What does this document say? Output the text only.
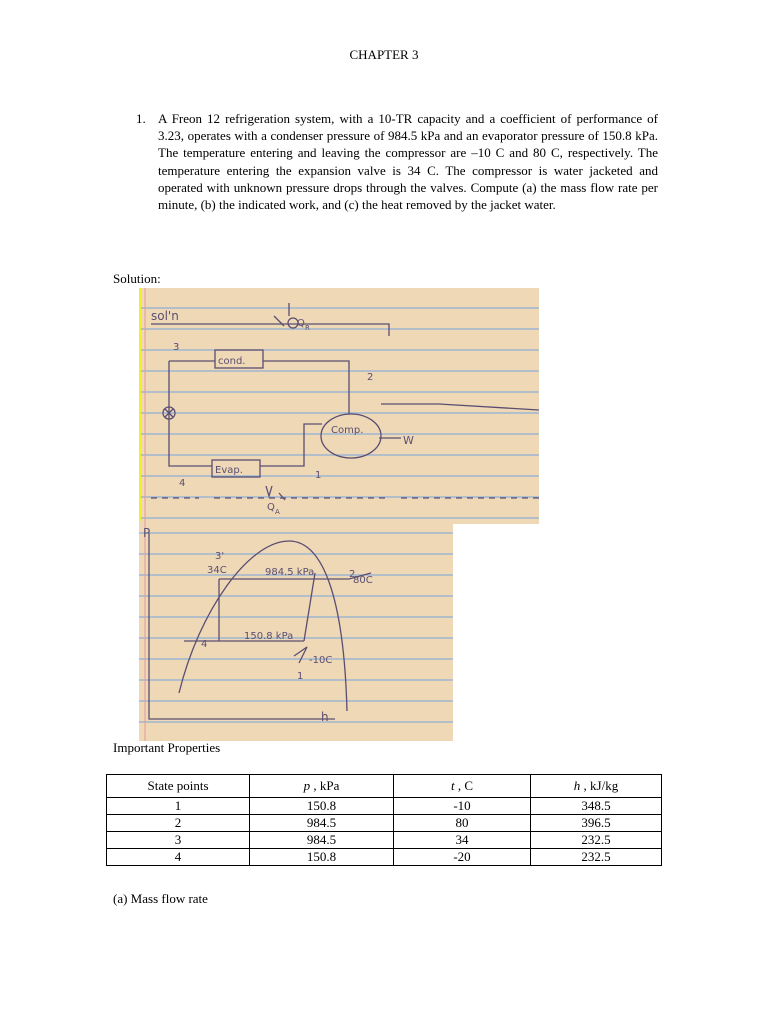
CHAPTER 3
1. A Freon 12 refrigeration system, with a 10-TR capacity and a coefficient of performance of 3.23, operates with a condenser pressure of 984.5 kPa and an evaporator pressure of 150.8 kPa. The temperature entering and leaving the compressor are –10 C and 80 C, respectively. The temperature entering the expansion valve is 34 C. The compressor is water jacketed and operated with unknown pressure drops through the valves. Compute (a) the mass flow rate per minute, (b) the indicated work, and (c) the heat removed by the jacket water.
Solution:
sol'n
cond.
Evap.
Comp.
Q R
Q A
W
1
2
3
4
P
h
3'
34C	984.5 kPa
80C
150.8 kPa
-10C
2
4
1
Important Properties
State points	p , kPa	t , C	h , kJ/kg
1	150.8	-10	348.5
2	984.5	80	396.5
3	984.5	34	232.5
4	150.8	-20	232.5
(a) Mass flow rate
